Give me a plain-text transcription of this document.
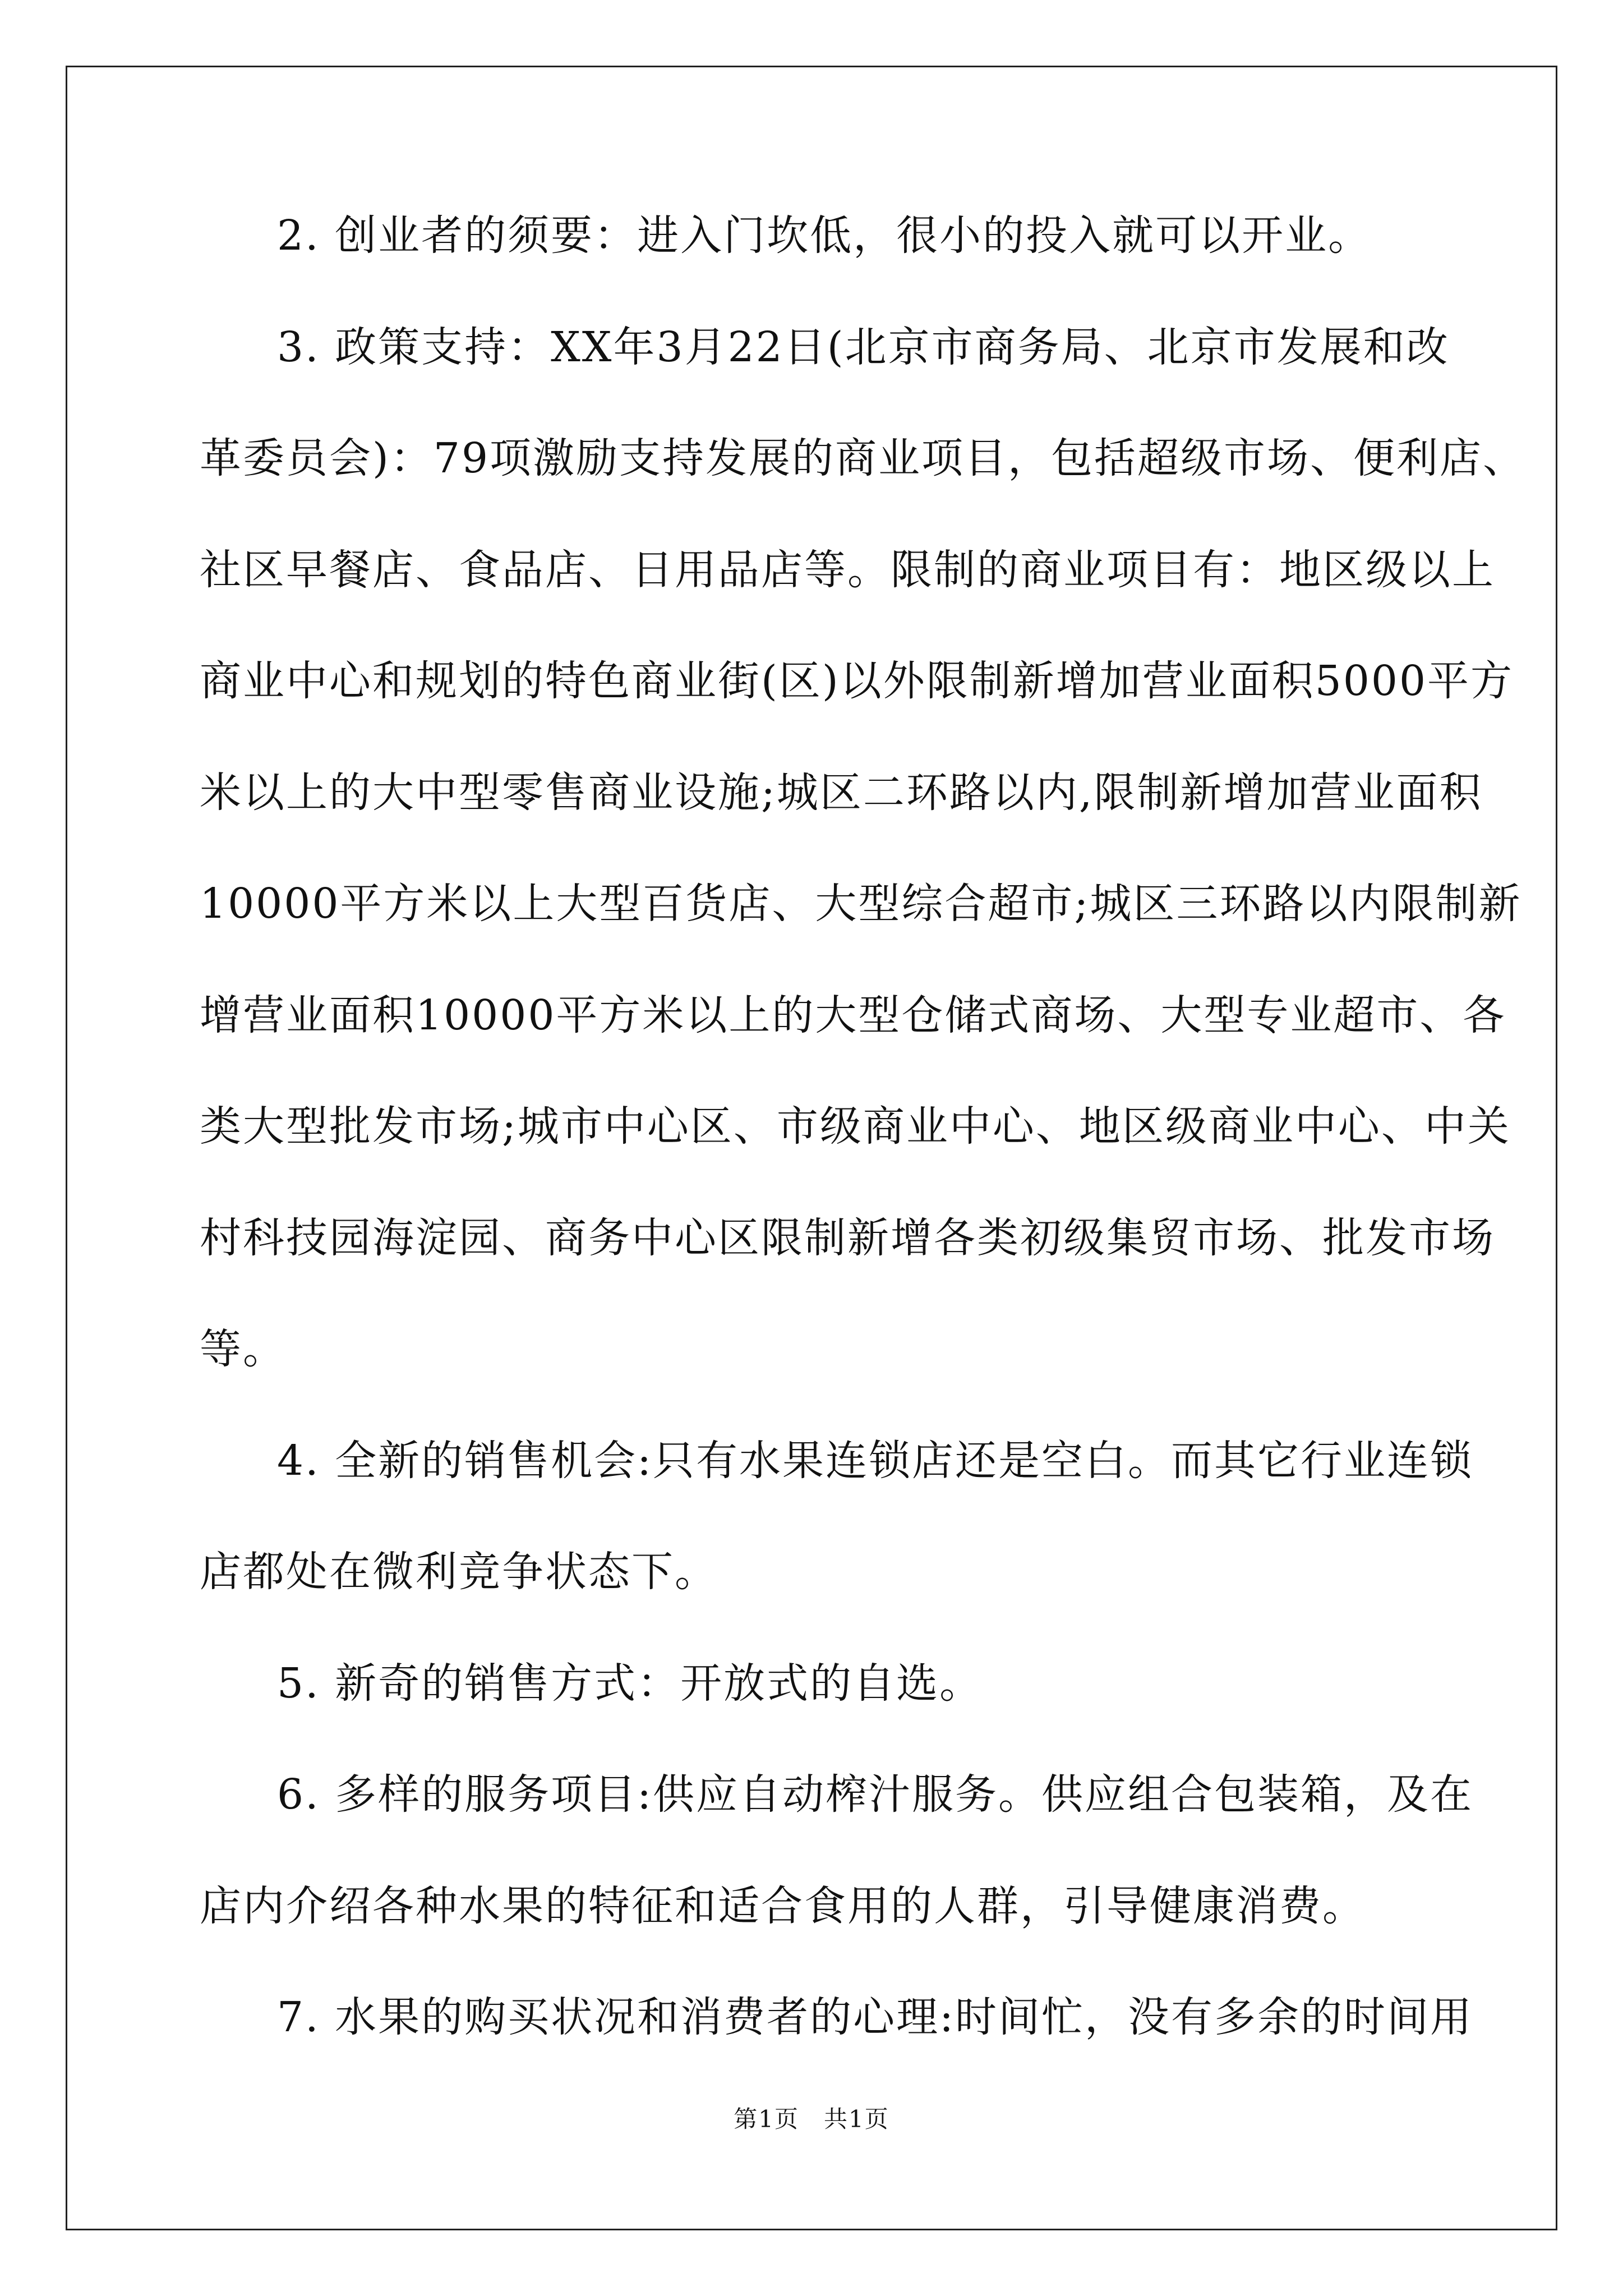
2. 创业者的须要：进入门坎低，很小的投入就可以开业。
3. 政策支持：XX年3月22日(北京市商务局、北京市发展和改
革委员会)：79项激励支持发展的商业项目，包括超级市场、便利店、
社区早餐店、食品店、日用品店等。限制的商业项目有：地区级以上
商业中心和规划的特色商业街(区)以外限制新增加营业面积5000平方
米以上的大中型零售商业设施;城区二环路以内,限制新增加营业面积
10000平方米以上大型百货店、大型综合超市;城区三环路以内限制新
增营业面积10000平方米以上的大型仓储式商场、大型专业超市、各
类大型批发市场;城市中心区、市级商业中心、地区级商业中心、中关
村科技园海淀园、商务中心区限制新增各类初级集贸市场、批发市场
等。
4. 全新的销售机会:只有水果连锁店还是空白。而其它行业连锁
店都处在微利竞争状态下。
5. 新奇的销售方式：开放式的自选。
6. 多样的服务项目:供应自动榨汁服务。供应组合包装箱，及在
店内介绍各种水果的特征和适合食用的人群，引导健康消费。
7. 水果的购买状况和消费者的心理:时间忙，没有多余的时间用
第1页　共1页
